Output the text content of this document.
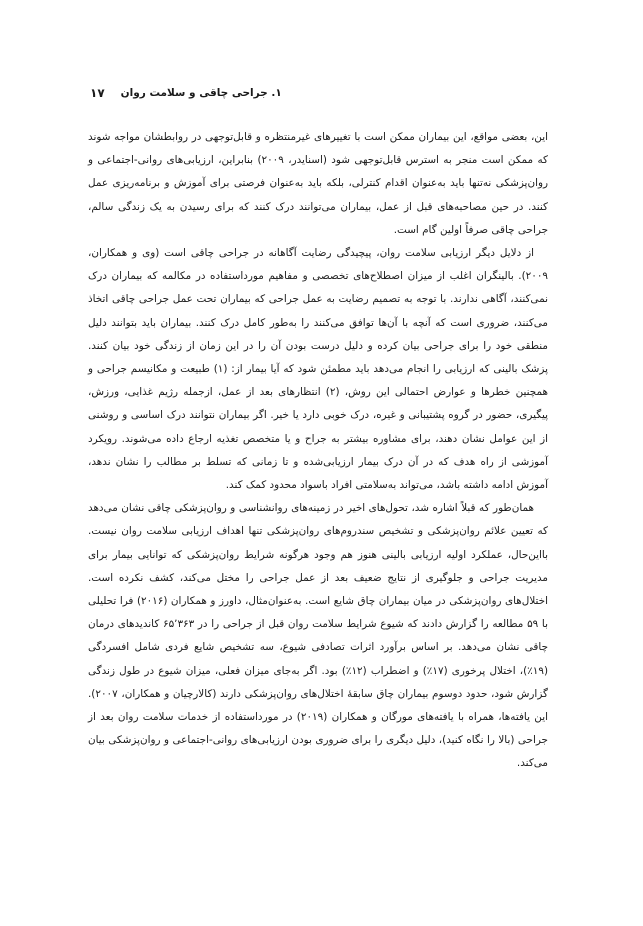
۱۷ ۱. جراحی چاقی و سلامت روان

این، بعضی مواقع، این بیماران ممکن است با تغییرهای غیرمنتظره و قابل‌توجهی در روابطشان مواجه شوند که ممکن است منجر به استرس قابل‌توجهی شود (اسنایدر، ۲۰۰۹) بنابراین، ارزیابی‌های روانی-اجتماعی و روان‌پزشکی نه‌تنها باید به‌عنوان اقدام کنترلی، بلکه باید به‌عنوان فرصتی برای آموزش و برنامه‌ریزی عمل کنند. در حین مصاحبه‌های قبل از عمل، بیماران می‌توانند درک کنند که برای رسیدن به یک زندگی سالم، جراحی چاقی صرفاً اولین گام است.

از دلایل دیگر ارزیابی سلامت روان، پیچیدگی رضایت آگاهانه در جراحی چاقی است (وی و همکاران، ۲۰۰۹). بالینگران اغلب از میزان اصطلاح‌های تخصصی و مفاهیم مورداستفاده در مکالمه که بیماران درک نمی‌کنند، آگاهی ندارند. با توجه به تصمیم رضایت به عمل جراحی که بیماران تحت عمل جراحی چاقی اتخاذ می‌کنند، ضروری است که آنچه با آن‌ها توافق می‌کنند را به‌طور کامل درک کنند. بیماران باید بتوانند دلیل منطقی خود را برای جراحی بیان کرده و دلیل درست بودن آن را در این زمان از زندگی خود بیان کنند. پزشک بالینی که ارزیابی را انجام می‌دهد باید مطمئن شود که آیا بیمار از: (۱) طبیعت و مکانیسم جراحی و همچنین خطرها و عوارض احتمالی این روش، (۲) انتظارهای بعد از عمل، ازجمله رژیم غذایی، ورزش، پیگیری، حضور در گروه پشتیبانی و غیره، درک خوبی دارد یا خیر. اگر بیماران نتوانند درک اساسی و روشنی از این عوامل نشان دهند، برای مشاوره بیشتر به جراح و یا متخصص تغذیه ارجاع داده می‌شوند. رویکرد آموزشی از راه هدف که در آن درک بیمار ارزیابی‌شده و تا زمانی که تسلط بر مطالب را نشان ندهد، آموزش ادامه داشته باشد، می‌تواند به‌سلامتی افراد باسواد محدود کمک کند.

همان‌طور که قبلاً اشاره شد، تحول‌های اخیر در زمینه‌های روانشناسی و روان‌پزشکی چاقی نشان می‌دهد که تعیین علائم روان‌پزشکی و تشخیص سندروم‌های روان‌پزشکی تنها اهداف ارزیابی سلامت روان نیست. بااین‌حال، عملکرد اولیه ارزیابی بالینی هنوز هم وجود هرگونه شرایط روان‌پزشکی که توانایی بیمار برای مدیریت جراحی و جلوگیری از نتایج ضعیف بعد از عمل جراحی را مختل می‌کند، کشف نکرده است. اختلال‌های روان‌پزشکی در میان بیماران چاق شایع است. به‌عنوان‌مثال، داورز و همکاران (۲۰۱۶) فرا تحلیلی با ۵۹ مطالعه را گزارش دادند که شیوع شرایط سلامت روان قبل از جراحی را در ۶۵٬۳۶۳ کاندیدهای درمان چاقی نشان می‌دهد. بر اساس برآورد اثرات تصادفی شیوع، سه تشخیص شایع فردی شامل افسردگی (۱۹٪)، اختلال پرخوری (۱۷٪) و اضطراب (۱۲٪) بود. اگر به‌جای میزان فعلی، میزان شیوع در طول زندگی گزارش شود، حدود دوسوم بیماران چاق سابقهٔ اختلال‌های روان‌پزشکی دارند (کالارچیان و همکاران، ۲۰۰۷). این یافته‌ها، همراه با یافته‌های مورگان و همکاران (۲۰۱۹) در مورداستفاده از خدمات سلامت روان بعد از جراحی (بالا را نگاه کنید)، دلیل دیگری را برای ضروری بودن ارزیابی‌های روانی-اجتماعی و روان‌پزشکی بیان می‌کند.
